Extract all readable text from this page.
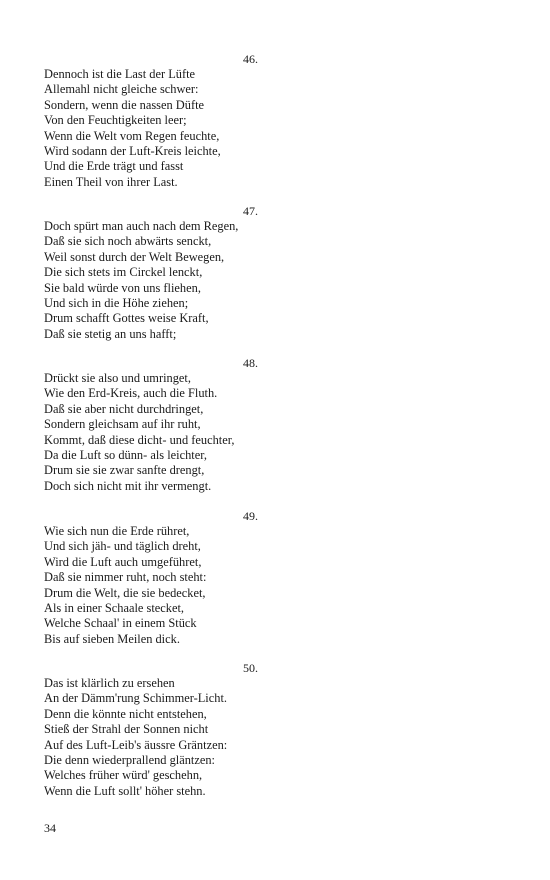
46.
Dennoch ist die Last der Lüfte
Allemahl nicht gleiche schwer:
Sondern, wenn die nassen Düfte
Von den Feuchtigkeiten leer;
Wenn die Welt vom Regen feuchte,
Wird sodann der Luft-Kreis leichte,
Und die Erde trägt und fasst
Einen Theil von ihrer Last.
47.
Doch spürt man auch nach dem Regen,
Daß sie sich noch abwärts senckt,
Weil sonst durch der Welt Bewegen,
Die sich stets im Circkel lenckt,
Sie bald würde von uns fliehen,
Und sich in die Höhe ziehen;
Drum schafft Gottes weise Kraft,
Daß sie stetig an uns hafft;
48.
Drückt sie also und umringet,
Wie den Erd-Kreis, auch die Fluth.
Daß sie aber nicht durchdringet,
Sondern gleichsam auf ihr ruht,
Kommt, daß diese dicht- und feuchter,
Da die Luft so dünn- als leichter,
Drum sie sie zwar sanfte drengt,
Doch sich nicht mit ihr vermengt.
49.
Wie sich nun die Erde rühret,
Und sich jäh- und täglich dreht,
Wird die Luft auch umgeführet,
Daß sie nimmer ruht, noch steht:
Drum die Welt, die sie bedecket,
Als in einer Schaale stecket,
Welche Schaal' in einem Stück
Bis auf sieben Meilen dick.
50.
Das ist klärlich zu ersehen
An der Dämm'rung Schimmer-Licht.
Denn die könnte nicht entstehen,
Stieß der Strahl der Sonnen nicht
Auf des Luft-Leib's äussre Gräntzen:
Die denn wiederprallend gläntzen:
Welches früher würd' geschehn,
Wenn die Luft sollt' höher stehn.
34
